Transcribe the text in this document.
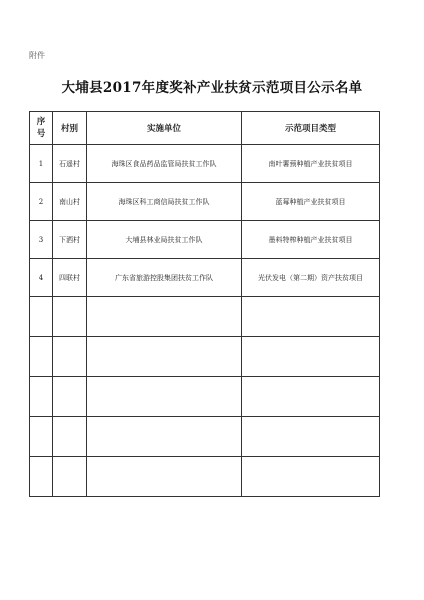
附件
大埔县2017年度奖补产业扶贫示范项目公示名单
序
号	村别	实施单位	示范项目类型
1	石遥村	海珠区食品药品监管局扶贫工作队	南叶薯蓣种植产业扶贫项目
2	南山村	海珠区科工商信局扶贫工作队	蓝莓种植产业扶贫项目
3	下洒村	大埔县林业局扶贫工作队	墨料特榨种植产业扶贫项目
4	四联村	广东省旅游控股集团扶贫工作队	光伏发电（第二期）资产扶贫项目
